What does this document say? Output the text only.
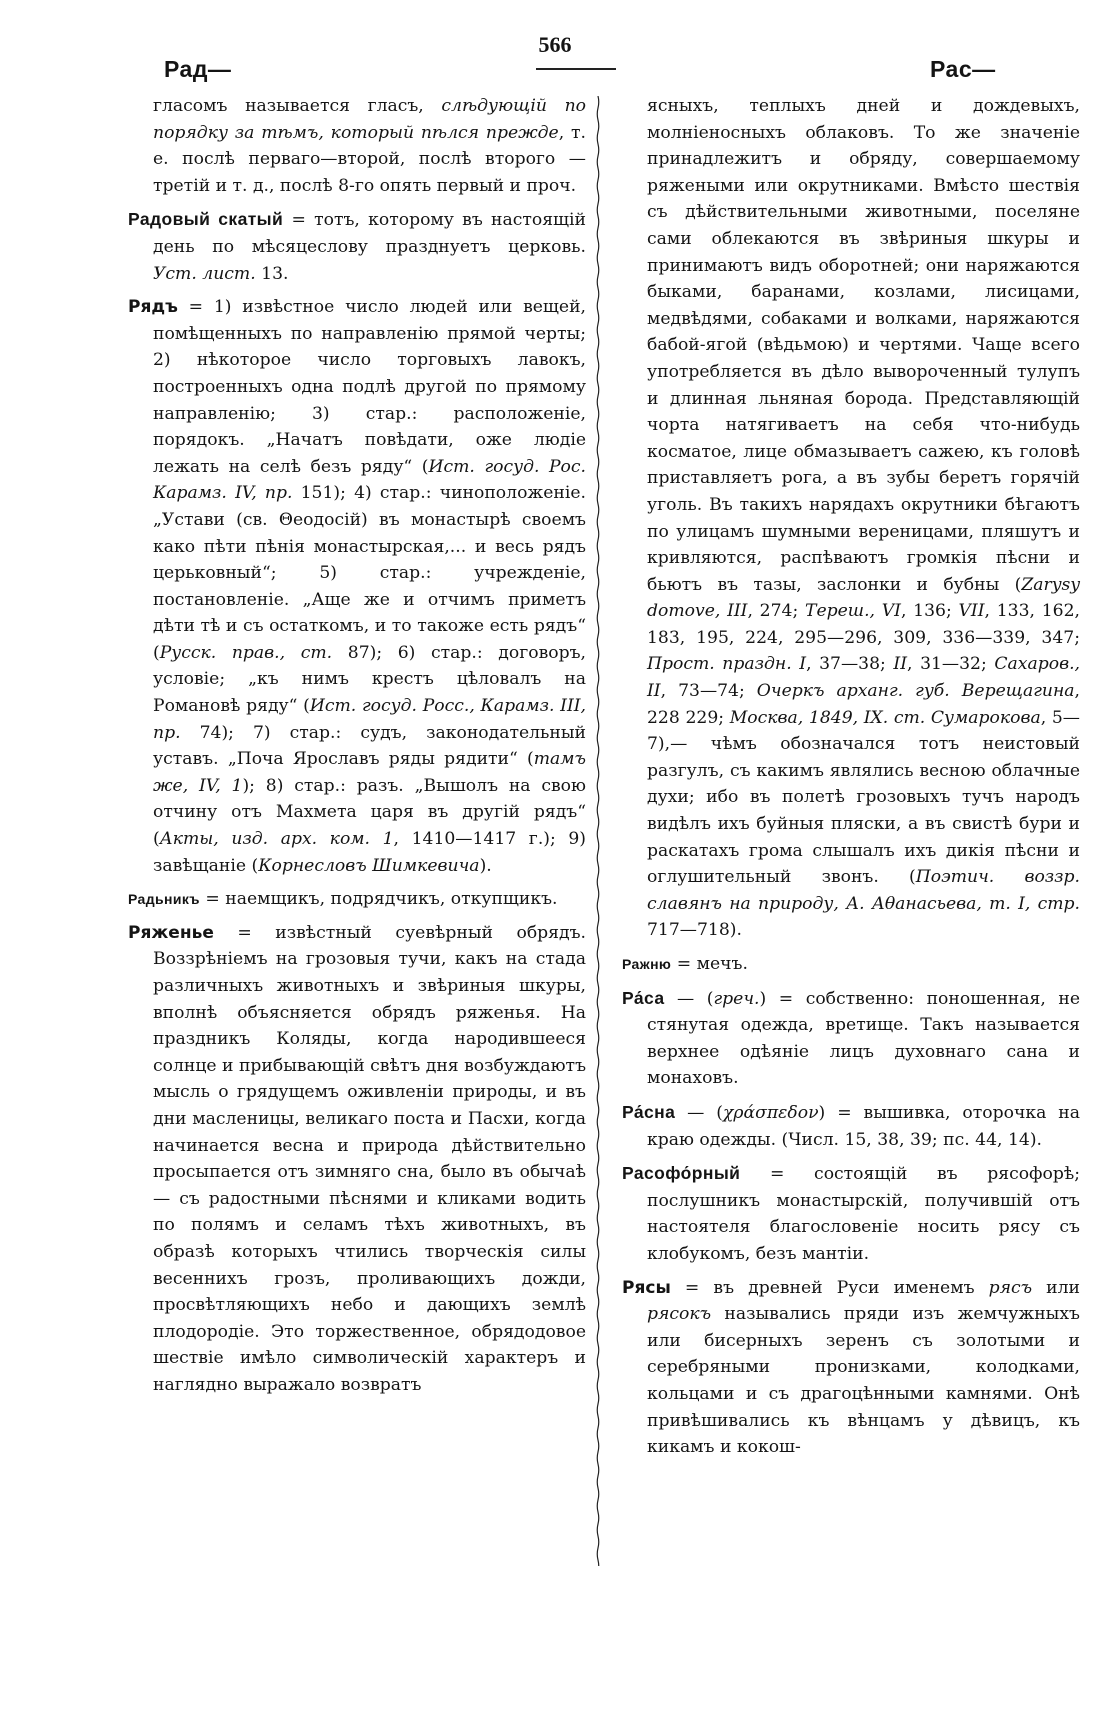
566
Рад—	Рас—

гласомъ называется гласъ, слѣдующій по порядку за тѣмъ, который пѣлся прежде, т. е. послѣ перваго—второй, послѣ второго — третій и т. д., послѣ 8-го опять первый и проч.

Радовый скатый = тотъ, которому въ настоящій день по мѣсяцеслову празднуетъ церковь. Уст. лист. 13.

Рядъ = 1) извѣстное число людей или вещей, помѣщенныхъ по направленію прямой черты; 2) нѣкоторое число торговыхъ лавокъ, построенныхъ одна подлѣ другой по прямому направленію; 3) стар.: расположеніе, порядокъ. „Начатъ повѣдати, оже людіе лежать на селѣ безъ ряду“ (Ист. госуд. Рос. Карамз. IV, пр. 151); 4) стар.: чиноположеніе. „Устави (св. Θеодосій) въ монастырѣ своемъ како пѣти пѣнія монастырская,... и весь рядъ церьковный“; 5) стар.: учрежденіе, постановленіе. „Аще же и отчимъ приметъ дѣти тѣ и съ остаткомъ, и то такоже есть рядъ“ (Русск. прав., ст. 87); 6) стар.: договоръ, условіе; „къ нимъ крестъ цѣловалъ на Романовѣ ряду“ (Ист. госуд. Росс., Карамз. III, пр. 74); 7) стар.: судъ, законодательный уставъ. „Поча Ярославъ ряды рядити“ (тамъ же, IV, 1); 8) стар.: разъ. „Вышолъ на свою отчину отъ Махмета царя въ другій рядъ“ (Акты, изд. арх. ком. 1, 1410—1417 г.); 9) завѣщаніе (Корнесловъ Шимкевича).

Радьникъ = наемщикъ, подрядчикъ, откупщикъ.

Ряженье = извѣстный суевѣрный обрядъ. Воззрѣніемъ на грозовыя тучи, какъ на стада различныхъ животныхъ и звѣриныя шкуры, вполнѣ объясняется обрядъ ряженья. На праздникъ Коляды, когда народившееся солнце и прибывающій свѣтъ дня возбуждаютъ мысль о грядущемъ оживленіи природы, и въ дни масленицы, великаго поста и Пасхи, когда начинается весна и природа дѣйствительно просыпается отъ зимняго сна, было въ обычаѣ — съ радостными пѣснями и кликами водить по полямъ и селамъ тѣхъ животныхъ, въ образѣ которыхъ чтились творческія силы весеннихъ грозъ, проливающихъ дожди, просвѣтляющихъ небо и дающихъ землѣ плодородіе. Это торжественное, обрядодовое шествіе имѣло символическій характеръ и наглядно выражало возвратъ

ясныхъ, теплыхъ дней и дождевыхъ, молніеносныхъ облаковъ. То же значеніе принадлежитъ и обряду, совершаемому ряжеными или окрутниками. Вмѣсто шествія съ дѣйствительными животными, поселяне сами облекаются въ звѣриныя шкуры и принимаютъ видъ оборотней; они наряжаются быками, баранами, козлами, лисицами, медвѣдями, собаками и волками, наряжаются бабой-ягой (вѣдьмою) и чертями. Чаще всего употребляется въ дѣло вывороченный тулупъ и длинная льняная борода. Представляющій чорта натягиваетъ на себя что-нибудь косматое, лице обмазываетъ сажею, къ головѣ приставляетъ рога, а въ зубы беретъ горячій уголь. Въ такихъ нарядахъ окрутники бѣгаютъ по улицамъ шумными вереницами, пляшутъ и кривляются, распѣваютъ громкія пѣсни и бьютъ въ тазы, заслонки и бубны (Zarysy domove, III, 274; Тереш., VI, 136; VII, 133, 162, 183, 195, 224, 295—296, 309, 336—339, 347; Прост. праздн. I, 37—38; II, 31—32; Сахаров., II, 73—74; Очеркъ арханг. губ. Верещагина, 228 229; Москва, 1849, IX. ст. Сумарокова, 5—7),— чѣмъ обозначался тотъ неистовый разгулъ, съ какимъ являлись весною облачные духи; ибо въ полетѣ грозовыхъ тучъ народъ видѣлъ ихъ буйныя пляски, а въ свистѣ бури и раскатахъ грома слышалъ ихъ дикія пѣсни и оглушительный звонъ. (Поэтич. воззр. славянъ на природу, А. Аθанасьева, т. I, стр. 717—718).

Ражню = мечъ.

Ра́са — (греч.) = собственно: поношенная, не стянутая одежда, вретище. Такъ называется верхнее одѣяніе лицъ духовнаго сана и монаховъ.

Ра́сна — (χράσπεδον) = вышивка, оторочка на краю одежды. (Числ. 15, 38, 39; пс. 44, 14).

Расофо́рный = состоящій въ рясофорѣ; послушникъ монастырскій, получившій отъ настоятеля благословеніе носить рясу съ клобукомъ, безъ мантіи.

Рясы = въ древней Руси именемъ рясъ или рясокъ назывались пряди изъ жемчужныхъ или бисерныхъ зеренъ съ золотыми и серебряными пронизками, колодками, кольцами и съ драгоцѣнными камнями. Онѣ привѣшивались къ вѣнцамъ у дѣвицъ, къ кикамъ и кокош-
